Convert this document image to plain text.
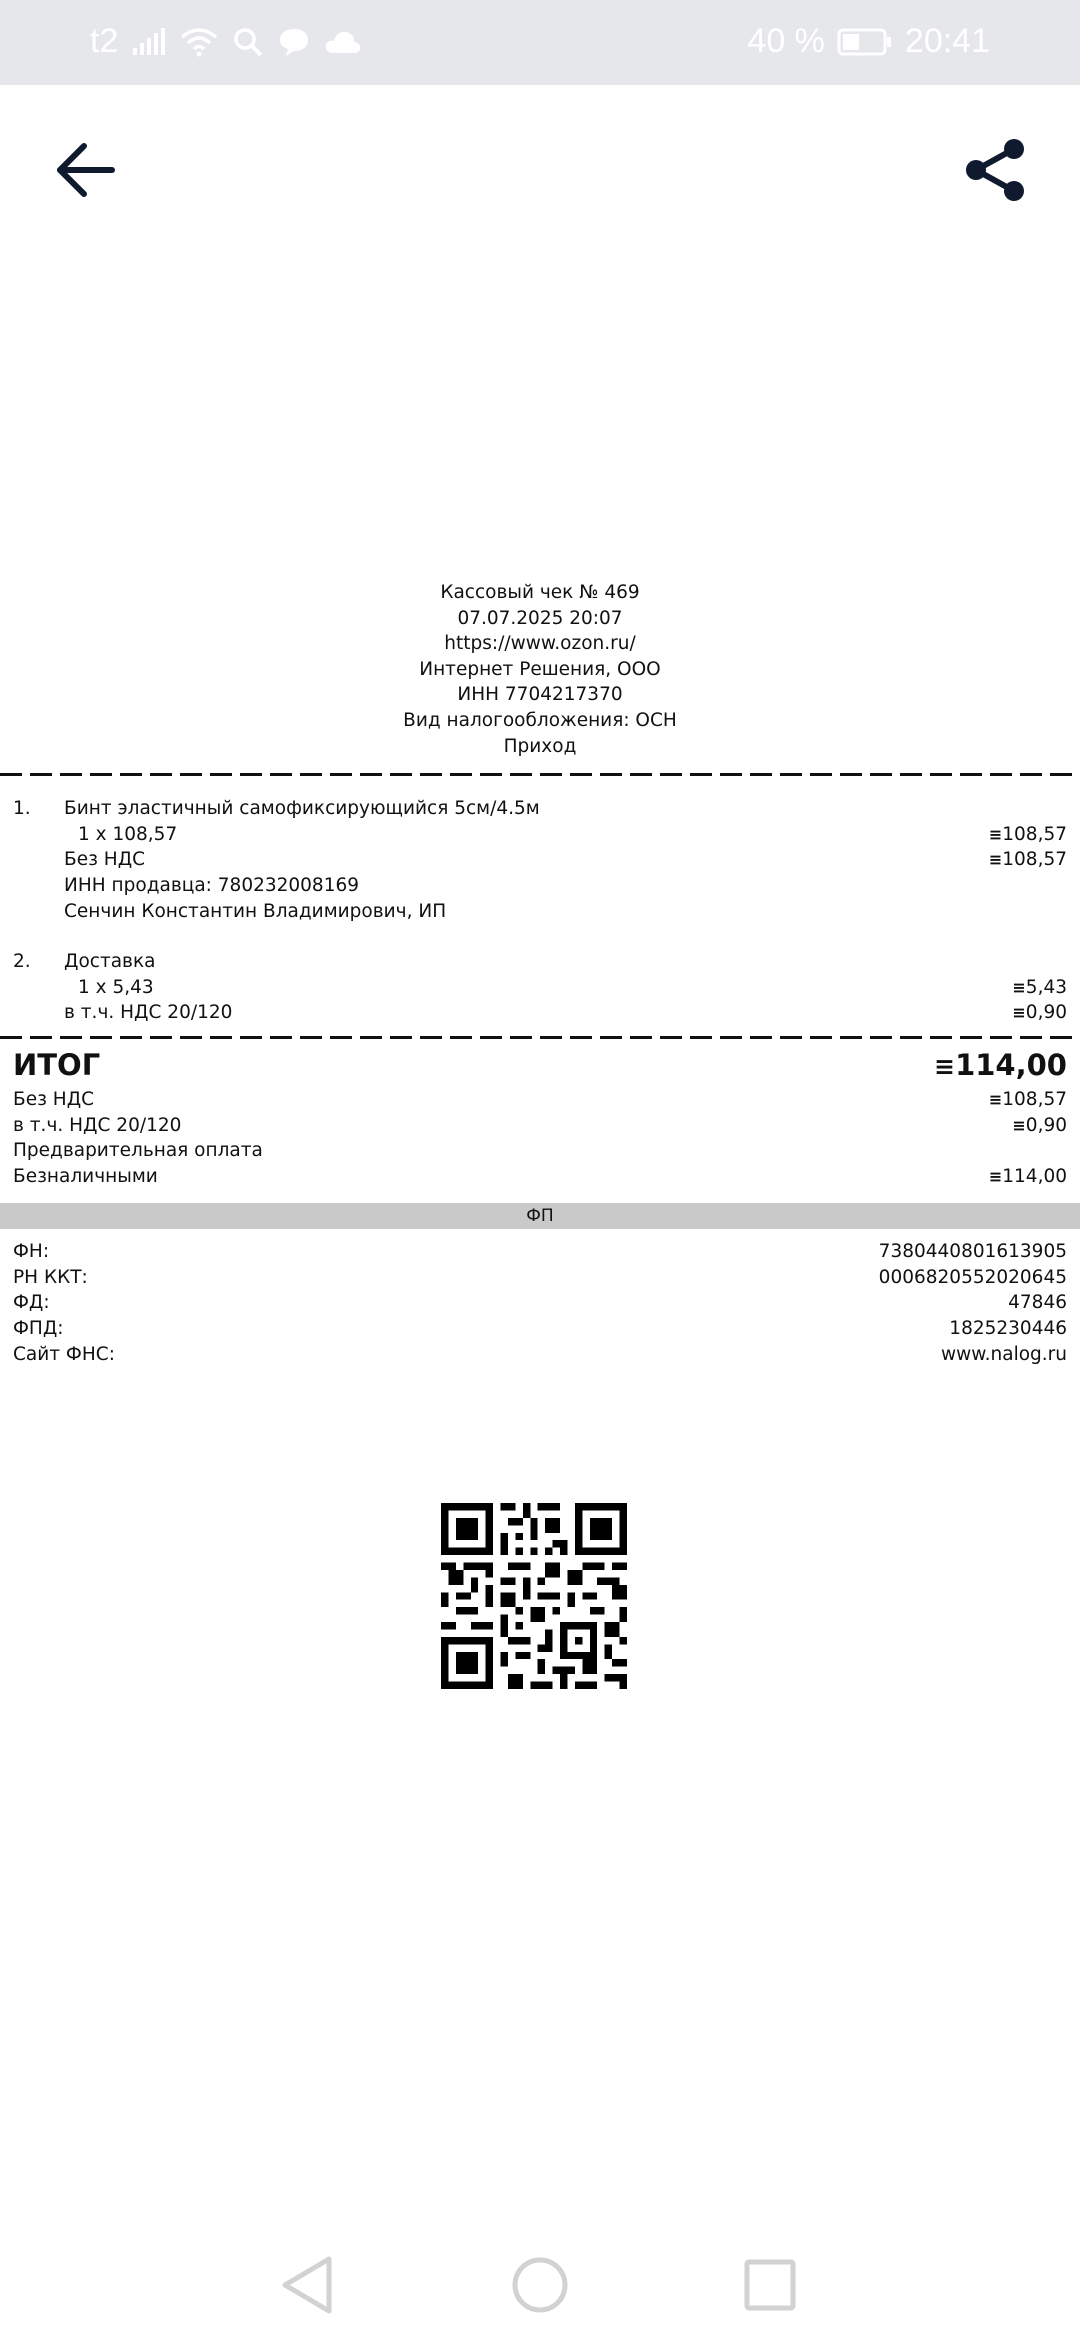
t2	40 % 20:41
Кассовый чек № 469
07.07.2025 20:07
https://www.ozon.ru/
Интернет Решения, ООО
ИНН 7704217370
Вид налогообложения: ОСН
Приход
1.	Бинт эластичный самофиксирующийся 5см/4.5м
1 x 108,57	≡108,57
Без НДС	≡108,57
ИНН продавца: 780232008169
Сенчин Константин Владимирович, ИП
2.	Доставка
1 x 5,43	≡5,43
в т.ч. НДС 20/120	≡0,90
ИТОГ	≡114,00
Без НДС	≡108,57
в т.ч. НДС 20/120	≡0,90
Предварительная оплата
Безналичными	≡114,00
ФП
ФН:	7380440801613905
РН ККТ:	0006820552020645
ФД:	47846
ФПД:	1825230446
Сайт ФНС:	www.nalog.ru
